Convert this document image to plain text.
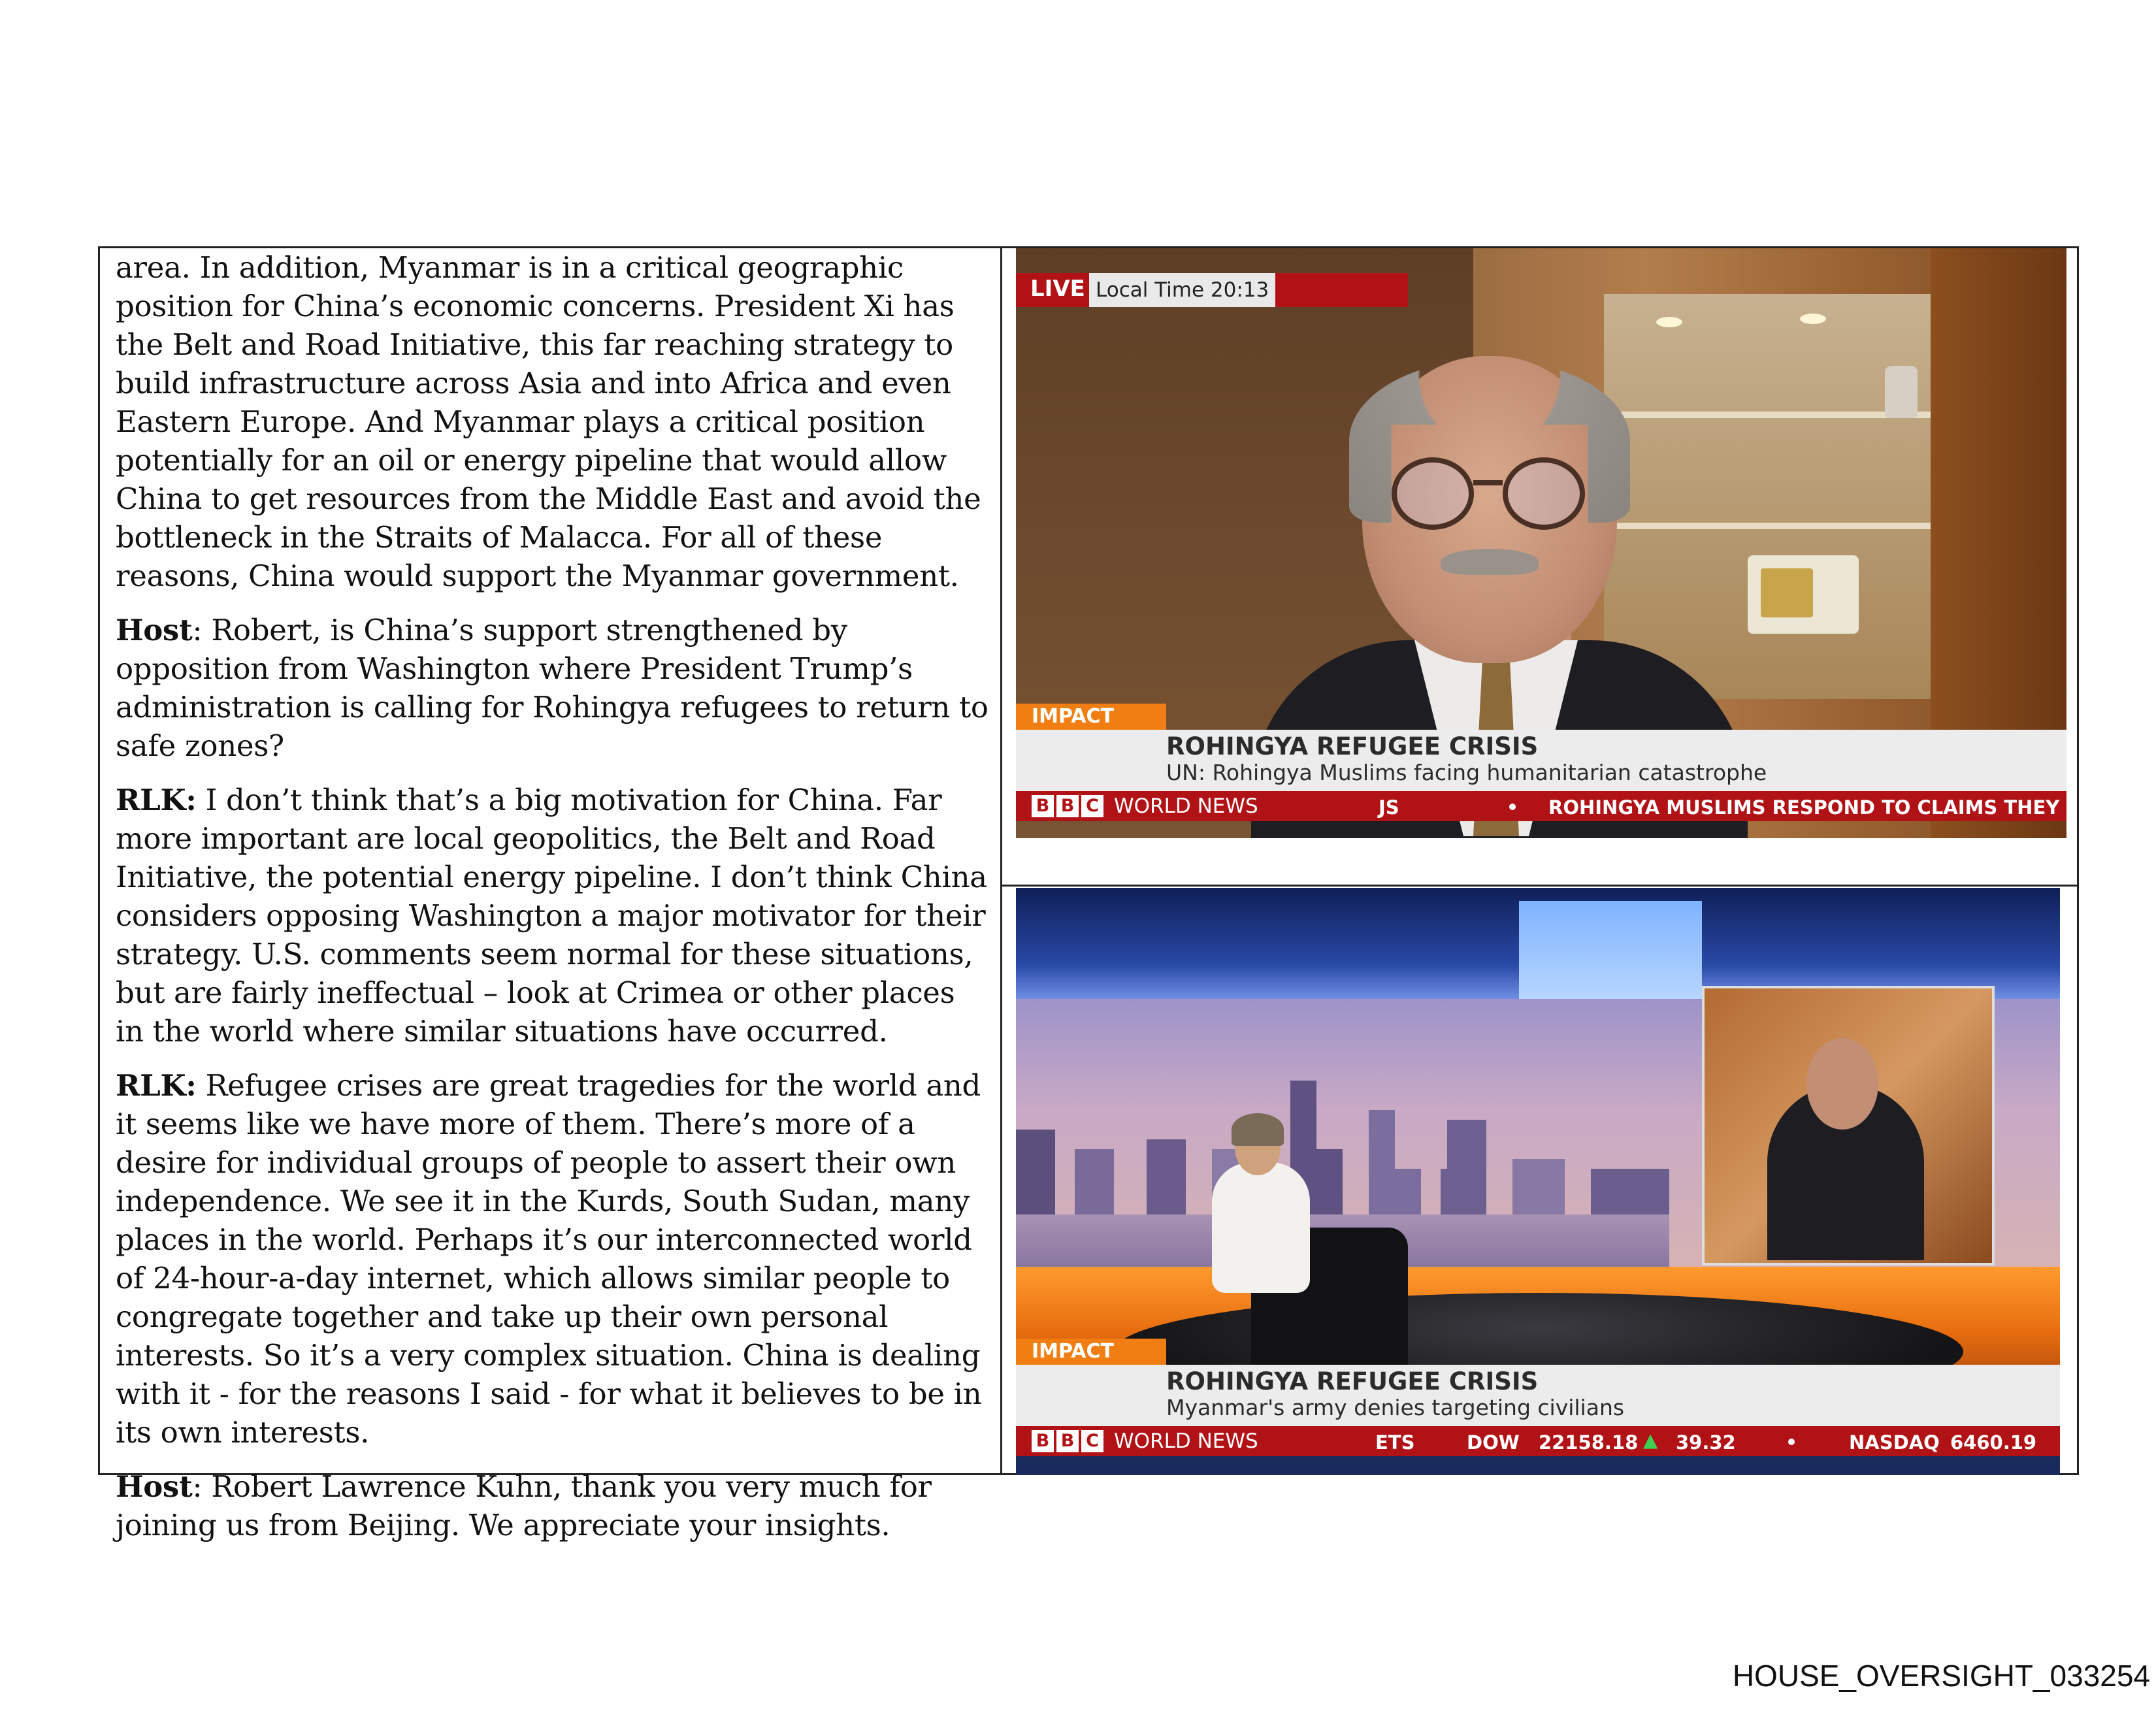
area. In addition, Myanmar is in a critical geographic position for China’s economic concerns. President Xi has the Belt and Road Initiative, this far reaching strategy to build infrastructure across Asia and into Africa and even Eastern Europe. And Myanmar plays a critical position potentially for an oil or energy pipeline that would allow China to get resources from the Middle East and avoid the bottleneck in the Straits of Malacca. For all of these reasons, China would support the Myanmar government.

Host: Robert, is China’s support strengthened by opposition from Washington where President Trump’s administration is calling for Rohingya refugees to return to safe zones?

RLK: I don’t think that’s a big motivation for China. Far more important are local geopolitics, the Belt and Road Initiative, the potential energy pipeline. I don’t think China considers opposing Washington a major motivator for their strategy. U.S. comments seem normal for these situations, but are fairly ineffectual – look at Crimea or other places in the world where similar situations have occurred.

RLK: Refugee crises are great tragedies for the world and it seems like we have more of them. There’s more of a desire for individual groups of people to assert their own independence. We see it in the Kurds, South Sudan, many places in the world. Perhaps it’s our interconnected world of 24-hour-a-day internet, which allows similar people to congregate together and take up their own personal interests. So it’s a very complex situation. China is dealing with it - for the reasons I said - for what it believes to be in its own interests.

Host: Robert Lawrence Kuhn, thank you very much for joining us from Beijing. We appreciate your insights.

LIVE Local Time 20:13
IMPACT
ROHINGYA REFUGEE CRISIS
UN: Rohingya Muslims facing humanitarian catastrophe
B B C WORLD NEWS	JS	ROHINGYA MUSLIMS RESPOND TO CLAIMS THEY
IMPACT
ROHINGYA REFUGEE CRISIS
Myanmar's army denies targeting civilians
B B C WORLD NEWS	ETS	DOW 22158.18 ▲ 39.32	NASDAQ 6460.19
HOUSE_OVERSIGHT_033254
